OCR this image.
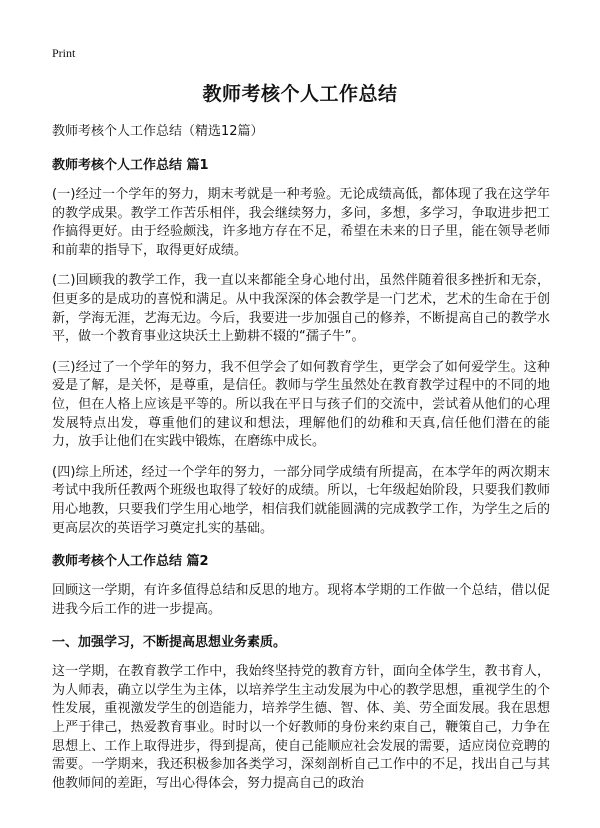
Print
教师考核个人工作总结
教师考核个人工作总结（精选12篇）
教师考核个人工作总结 篇1

(一)经过一个学年的努力，期末考就是一种考验。无论成绩高低，都体现了我在这学年的教学成果。教学工作苦乐相伴，我会继续努力，多问，多想，多学习，争取进步把工作搞得更好。由于经验颇浅，许多地方存在不足，希望在未来的日子里，能在领导老师和前辈的指导下，取得更好成绩。

(二)回顾我的教学工作，我一直以来都能全身心地付出，虽然伴随着很多挫折和无奈，但更多的是成功的喜悦和满足。从中我深深的体会教学是一门艺术，艺术的生命在于创新，学海无涯，艺海无边。今后，我要进一步加强自己的修养，不断提高自己的教学水平，做一个教育事业这块沃土上勤耕不辍的“孺子牛”。

(三)经过了一个学年的努力，我不但学会了如何教育学生，更学会了如何爱学生。这种爱是了解，是关怀，是尊重，是信任。教师与学生虽然处在教育教学过程中的不同的地位，但在人格上应该是平等的。所以我在平日与孩子们的交流中，尝试着从他们的心理发展特点出发，尊重他们的建议和想法，理解他们的幼稚和天真,信任他们潜在的能力，放手让他们在实践中锻炼，在磨练中成长。

(四)综上所述，经过一个学年的努力，一部分同学成绩有所提高，在本学年的两次期末考试中我所任教两个班级也取得了较好的成绩。所以，七年级起始阶段，只要我们教师用心地教，只要我们学生用心地学，相信我们就能圆满的完成教学工作，为学生之后的更高层次的英语学习奠定扎实的基础。

教师考核个人工作总结 篇2

回顾这一学期，有许多值得总结和反思的地方。现将本学期的工作做一个总结，借以促进我今后工作的进一步提高。

一、加强学习，不断提高思想业务素质。

这一学期，在教育教学工作中，我始终坚持党的教育方针，面向全体学生，教书育人，为人师表，确立以学生为主体，以培养学生主动发展为中心的教学思想，重视学生的个性发展，重视激发学生的创造能力，培养学生德、智、体、美、劳全面发展。我在思想上严于律己，热爱教育事业。时时以一个好教师的身份来约束自己，鞭策自己，力争在思想上、工作上取得进步，得到提高，使自己能顺应社会发展的需要，适应岗位竞聘的需要。一学期来，我还积极参加各类学习，深刻剖析自己工作中的不足，找出自己与其他教师间的差距，写出心得体会，努力提高自己的政治
